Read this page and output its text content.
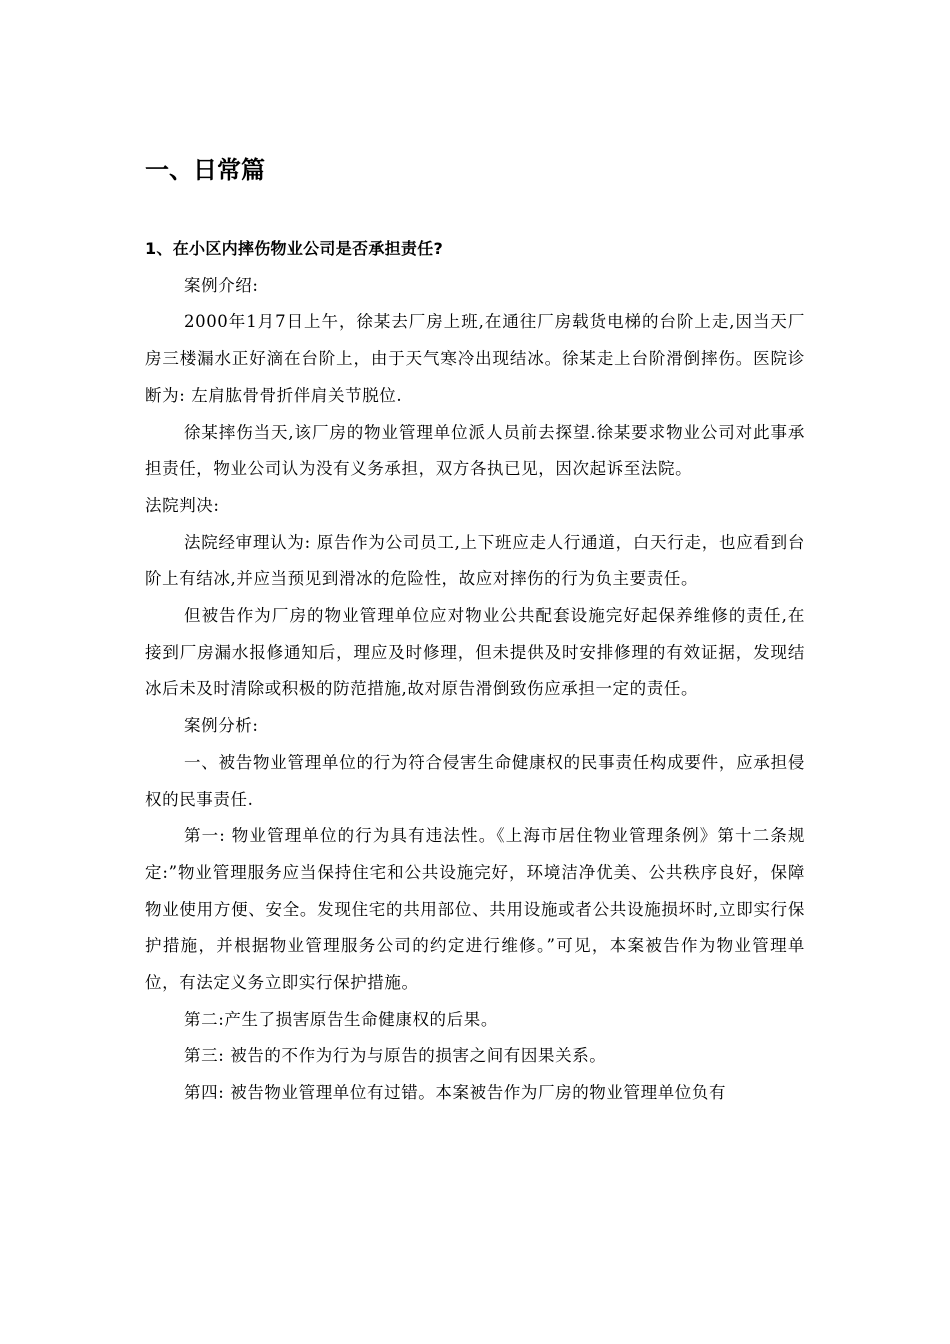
一、日常篇

1、在小区内摔伤物业公司是否承担责任?

案例介绍:

2000年1月7日上午，徐某去厂房上班,在通往厂房载货电梯的台阶上走,因当天厂房三楼漏水正好滴在台阶上，由于天气寒冷出现结冰。徐某走上台阶滑倒摔伤。医院诊断为: 左肩肱骨骨折伴肩关节脱位.

徐某摔伤当天,该厂房的物业管理单位派人员前去探望.徐某要求物业公司对此事承担责任，物业公司认为没有义务承担，双方各执已见，因次起诉至法院。

法院判决:

法院经审理认为: 原告作为公司员工,上下班应走人行通道，白天行走，也应看到台阶上有结冰,并应当预见到滑冰的危险性，故应对摔伤的行为负主要责任。

但被告作为厂房的物业管理单位应对物业公共配套设施完好起保养维修的责任,在接到厂房漏水报修通知后，理应及时修理，但未提供及时安排修理的有效证据，发现结冰后未及时清除或积极的防范措施,故对原告滑倒致伤应承担一定的责任。

案例分析:

一、被告物业管理单位的行为符合侵害生命健康权的民事责任构成要件，应承担侵权的民事责任.

第一: 物业管理单位的行为具有违法性。《上海市居住物业管理条例》第十二条规定:”物业管理服务应当保持住宅和公共设施完好，环境洁净优美、公共秩序良好，保障物业使用方便、安全。发现住宅的共用部位、共用设施或者公共设施损坏时,立即实行保护措施，并根据物业管理服务公司的约定进行维修。”可见，本案被告作为物业管理单位，有法定义务立即实行保护措施。

第二:产生了损害原告生命健康权的后果。

第三: 被告的不作为行为与原告的损害之间有因果关系。

第四: 被告物业管理单位有过错。本案被告作为厂房的物业管理单位负有
